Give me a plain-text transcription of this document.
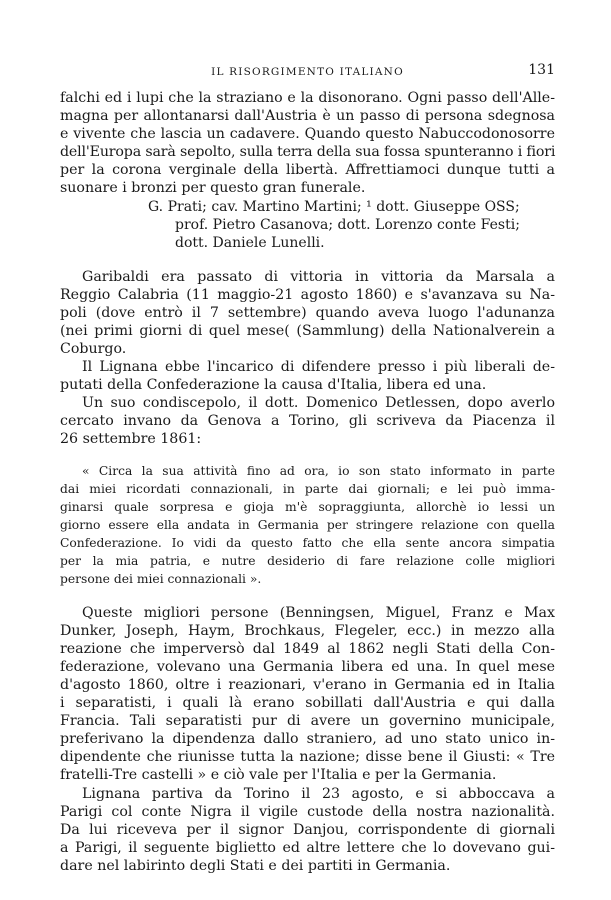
IL RISORGIMENTO ITALIANO	131
falchi ed i lupi che la straziano e la disonorano. Ogni passo dell'Alle-
magna per allontanarsi dall'Austria è un passo di persona sdegnosa
e vivente che lascia un cadavere. Quando questo Nabuccodonosorre
dell'Europa sarà sepolto, sulla terra della sua fossa spunteranno i fiori
per la corona verginale della libertà. Affrettiamoci dunque tutti a
suonare i bronzi per questo gran funerale.
G. Prati; cav. Martino Martini; ¹ dott. Giuseppe OSS;
prof. Pietro Casanova; dott. Lorenzo conte Festi;
dott. Daniele Lunelli.
Garibaldi era passato di vittoria in vittoria da Marsala a
Reggio Calabria (11 maggio-21 agosto 1860) e s'avanzava su Na-
poli (dove entrò il 7 settembre) quando aveva luogo l'adunanza
(nei primi giorni di quel mese( (Sammlung) della Nationalverein a
Coburgo.
Il Lignana ebbe l'incarico di difendere presso i più liberali de-
putati della Confederazione la causa d'Italia, libera ed una.
Un suo condiscepolo, il dott. Domenico Detlessen, dopo averlo
cercato invano da Genova a Torino, gli scriveva da Piacenza il
26 settembre 1861:
« Circa la sua attività fino ad ora, io son stato informato in parte
dai miei ricordati connazionali, in parte dai giornali; e lei può imma-
ginarsi quale sorpresa e gioja m'è sopraggiunta, allorchè io lessi un
giorno essere ella andata in Germania per stringere relazione con quella
Confederazione. Io vidi da questo fatto che ella sente ancora simpatia
per la mia patria, e nutre desiderio di fare relazione colle migliori
persone dei miei connazionali ».
Queste migliori persone (Benningsen, Miguel, Franz e Max
Dunker, Joseph, Haym, Brochkaus, Flegeler, ecc.) in mezzo alla
reazione che imperversò dal 1849 al 1862 negli Stati della Con-
federazione, volevano una Germania libera ed una. In quel mese
d'agosto 1860, oltre i reazionari, v'erano in Germania ed in Italia
i separatisti, i quali là erano sobillati dall'Austria e qui dalla
Francia. Tali separatisti pur di avere un governino municipale,
preferivano la dipendenza dallo straniero, ad uno stato unico in-
dipendente che riunisse tutta la nazione; disse bene il Giusti: « Tre
fratelli-Tre castelli » e ciò vale per l'Italia e per la Germania.
Lignana partiva da Torino il 23 agosto, e si abboccava a
Parigi col conte Nigra il vigile custode della nostra nazionalità.
Da lui riceveva per il signor Danjou, corrispondente di giornali
a Parigi, il seguente biglietto ed altre lettere che lo dovevano gui-
dare nel labirinto degli Stati e dei partiti in Germania.
